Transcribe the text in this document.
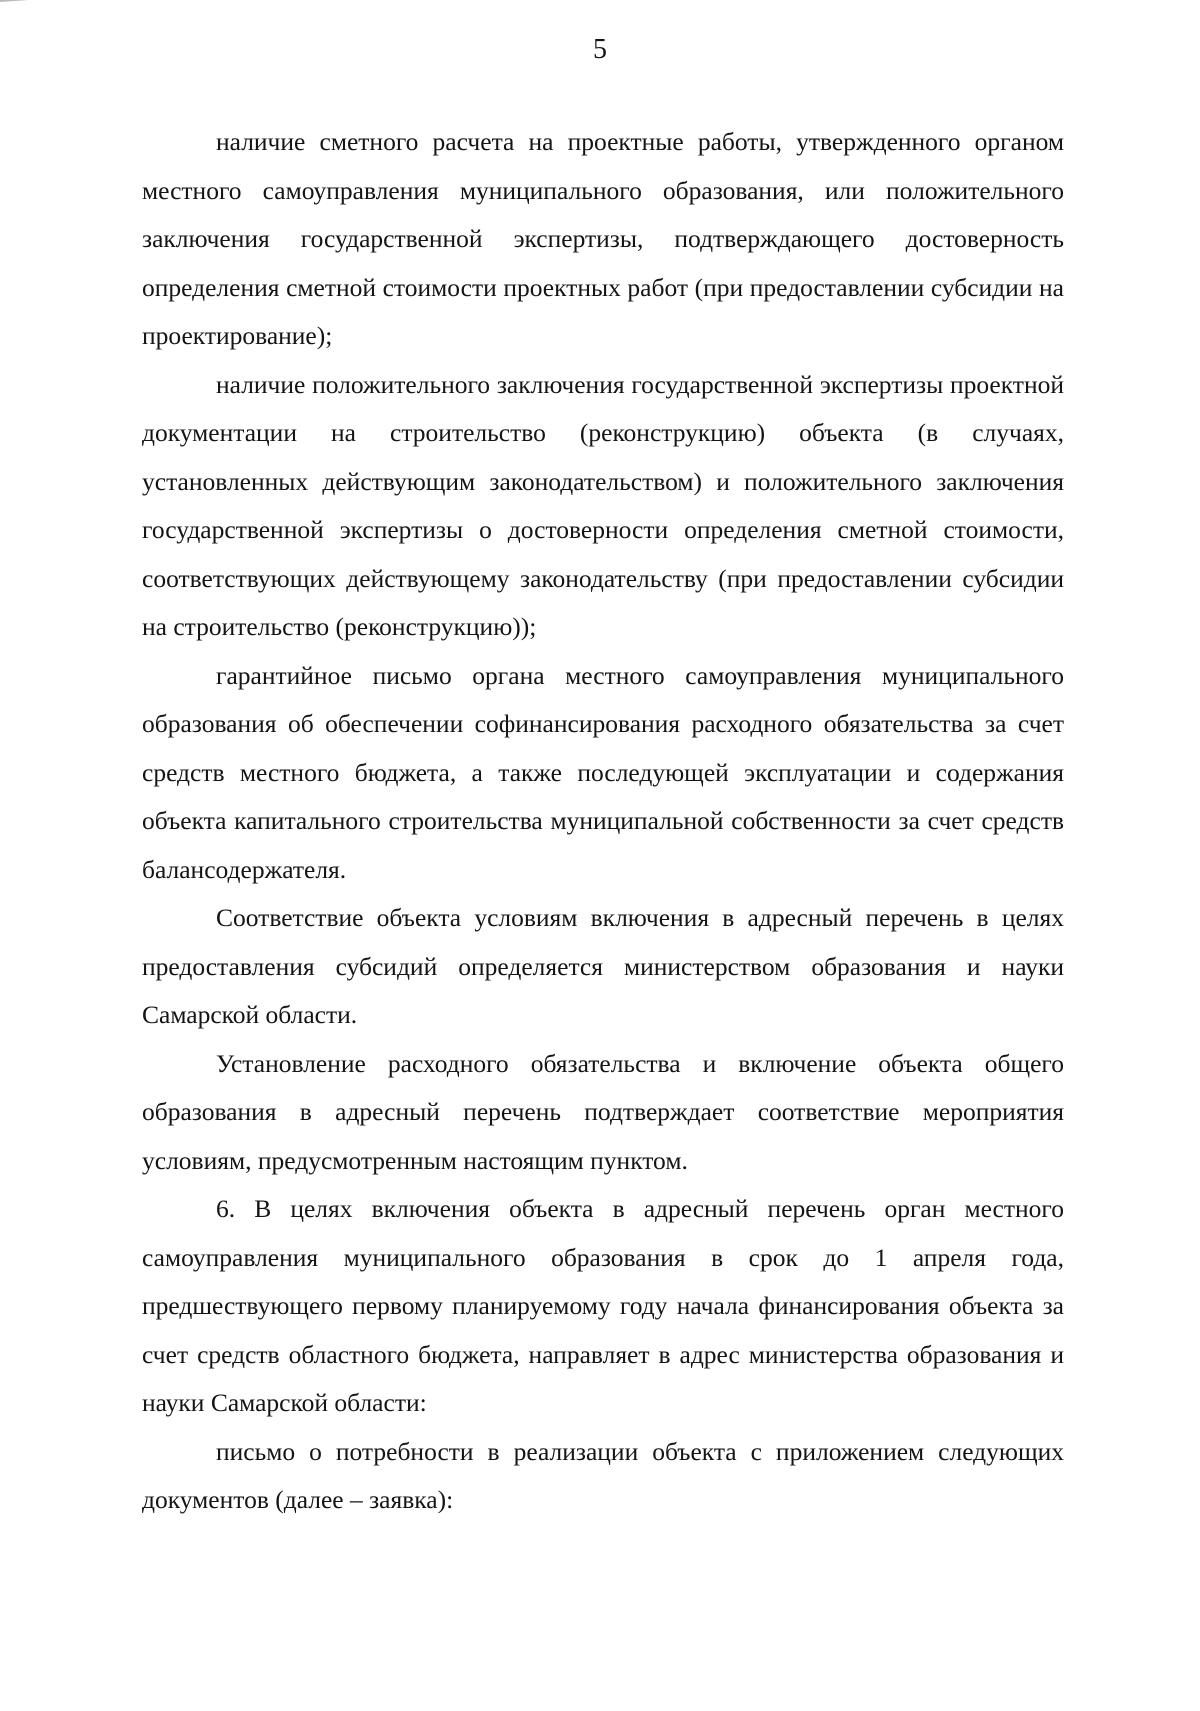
5

наличие сметного расчета на проектные работы, утвержденного органом местного самоуправления муниципального образования, или положительного заключения государственной экспертизы, подтверждающего достоверность определения сметной стоимости проектных работ (при предоставлении субсидии на проектирование);

наличие положительного заключения государственной экспертизы проектной документации на строительство (реконструкцию) объекта (в случаях, установленных действующим законодательством) и положительного заключения государственной экспертизы о достоверности определения сметной стоимости, соответствующих действующему законодательству (при предоставлении субсидии на строительство (реконструкцию));

гарантийное письмо органа местного самоуправления муниципального образования об обеспечении софинансирования расходного обязательства за счет средств местного бюджета, а также последующей эксплуатации и содержания объекта капитального строительства муниципальной собственности за счет средств балансодержателя.

Соответствие объекта условиям включения в адресный перечень в целях предоставления субсидий определяется министерством образования и науки Самарской области.

Установление расходного обязательства и включение объекта общего образования в адресный перечень подтверждает соответствие мероприятия условиям, предусмотренным настоящим пунктом.

6. В целях включения объекта в адресный перечень орган местного самоуправления муниципального образования в срок до 1 апреля года, предшествующего первому планируемому году начала финансирования объекта за счет средств областного бюджета, направляет в адрес министерства образования и науки Самарской области:

письмо о потребности в реализации объекта с приложением следующих документов (далее – заявка):
